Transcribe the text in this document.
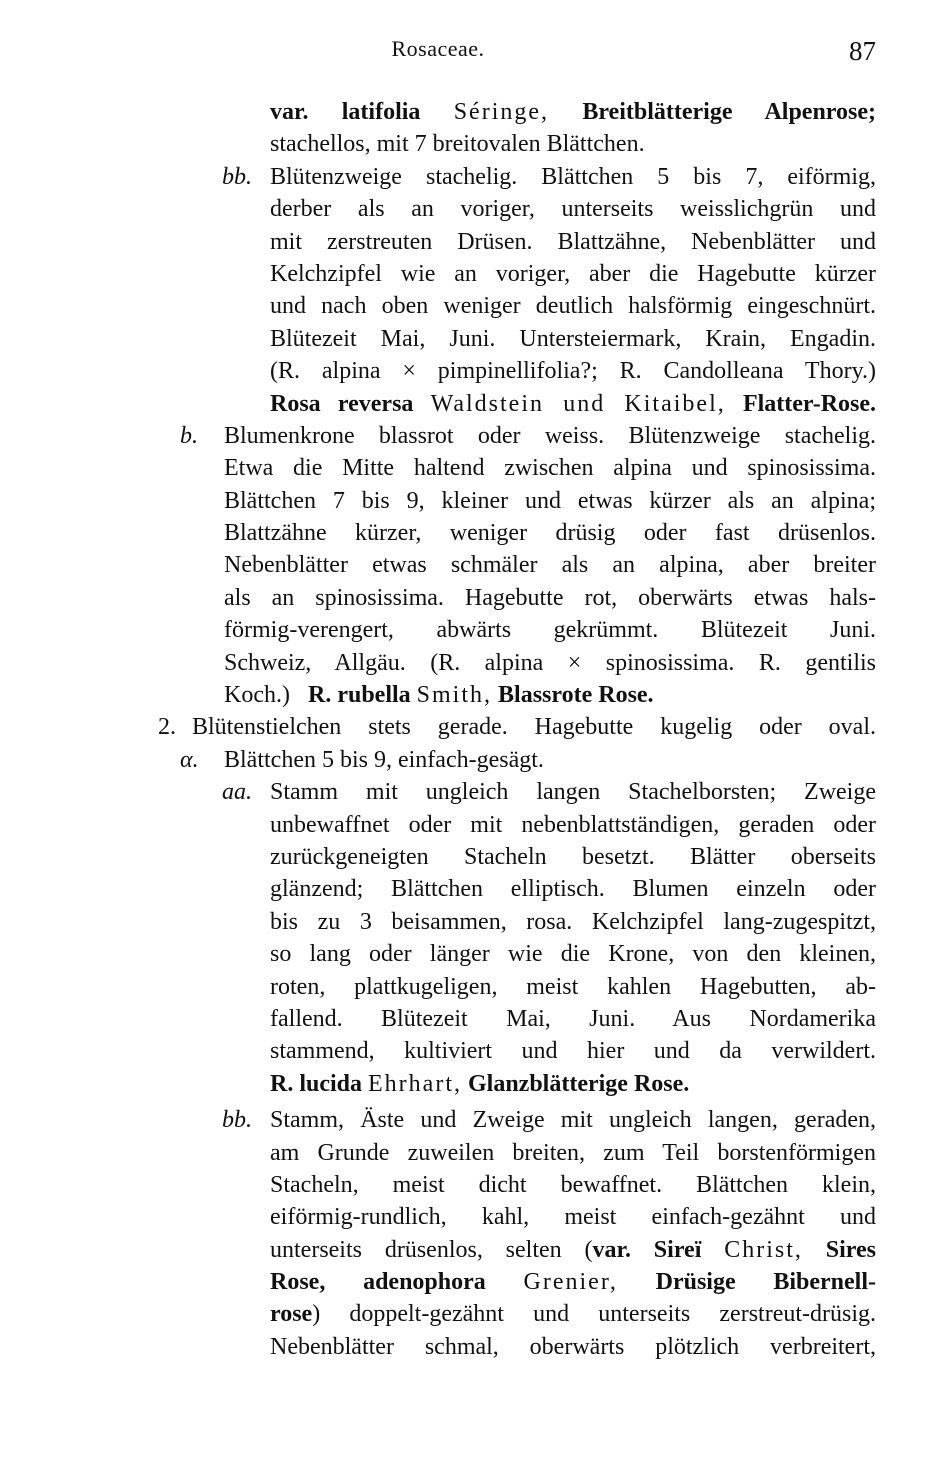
Rosaceae.	87
var. latifolia Séringe, Breitblätterige Alpenrose;
stachellos, mit 7 breitovalen Blättchen.
bb. Blütenzweige stachelig. Blättchen 5 bis 7, eiförmig,
derber als an voriger, unterseits weisslichgrün und
mit zerstreuten Drüsen. Blattzähne, Nebenblätter und
Kelchzipfel wie an voriger, aber die Hagebutte kürzer
und nach oben weniger deutlich halsförmig eingeschnürt.
Blütezeit Mai, Juni. Untersteiermark, Krain, Engadin.
(R. alpina × pimpinellifolia?; R. Candolleana Thory.)
Rosa reversa Waldstein und Kitaibel, Flatter-Rose.
b.	Blumenkrone blassrot oder weiss. Blütenzweige stachelig.
Etwa die Mitte haltend zwischen alpina und spinosissima.
Blättchen 7 bis 9, kleiner und etwas kürzer als an alpina;
Blattzähne kürzer, weniger drüsig oder fast drüsenlos.
Nebenblätter etwas schmäler als an alpina, aber breiter
als an spinosissima. Hagebutte rot, oberwärts etwas hals-
förmig-verengert, abwärts gekrümmt. Blütezeit Juni.
Schweiz, Allgäu. (R. alpina × spinosissima. R. gentilis
Koch.) R. rubella Smith, Blassrote Rose.
2. Blütenstielchen stets gerade. Hagebutte kugelig oder oval.
α.	Blättchen 5 bis 9, einfach-gesägt.
aa. Stamm mit ungleich langen Stachelborsten; Zweige
unbewaffnet oder mit nebenblattständigen, geraden oder
zurückgeneigten Stacheln besetzt. Blätter oberseits
glänzend; Blättchen elliptisch. Blumen einzeln oder
bis zu 3 beisammen, rosa. Kelchzipfel lang-zugespitzt,
so lang oder länger wie die Krone, von den kleinen,
roten, plattkugeligen, meist kahlen Hagebutten, ab-
fallend. Blütezeit Mai, Juni. Aus Nordamerika
stammend, kultiviert und hier und da verwildert.
R. lucida Ehrhart, Glanzblätterige Rose.
bb. Stamm, Äste und Zweige mit ungleich langen, geraden,
am Grunde zuweilen breiten, zum Teil borstenförmigen
Stacheln, meist dicht bewaffnet. Blättchen klein,
eiförmig-rundlich, kahl, meist einfach-gezähnt und
unterseits drüsenlos, selten (var. Sireï Christ, Sires
Rose, adenophora Grenier, Drüsige Bibernell-
rose) doppelt-gezähnt und unterseits zerstreut-drüsig.
Nebenblätter schmal, oberwärts plötzlich verbreitert,
